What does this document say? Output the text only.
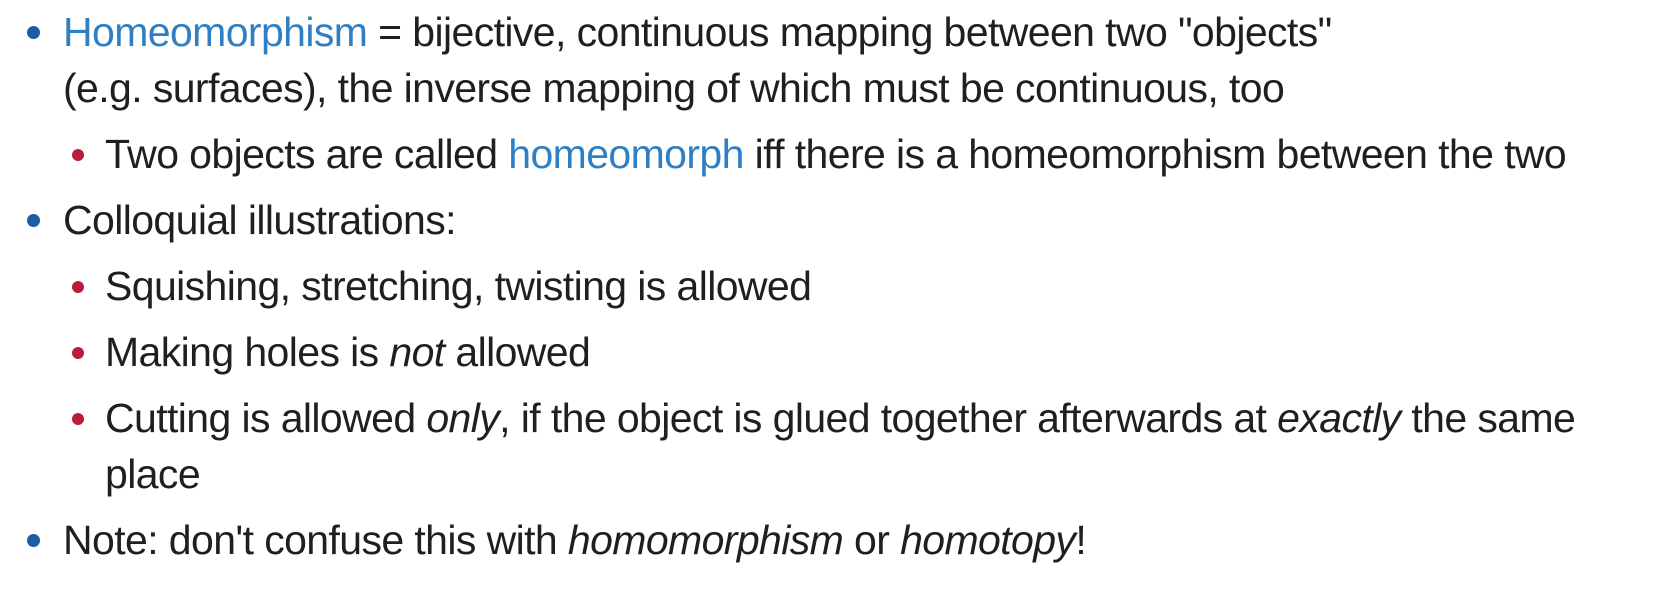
Homeomorphism = bijective, continuous mapping between two "objects"
(e.g. surfaces), the inverse mapping of which must be continuous, too
Two objects are called homeomorph iff there is a homeomorphism between the two
Colloquial illustrations:
Squishing, stretching, twisting is allowed
Making holes is not allowed
Cutting is allowed only, if the object is glued together afterwards at exactly the same
place
Note: don't confuse this with homomorphism or homotopy!
